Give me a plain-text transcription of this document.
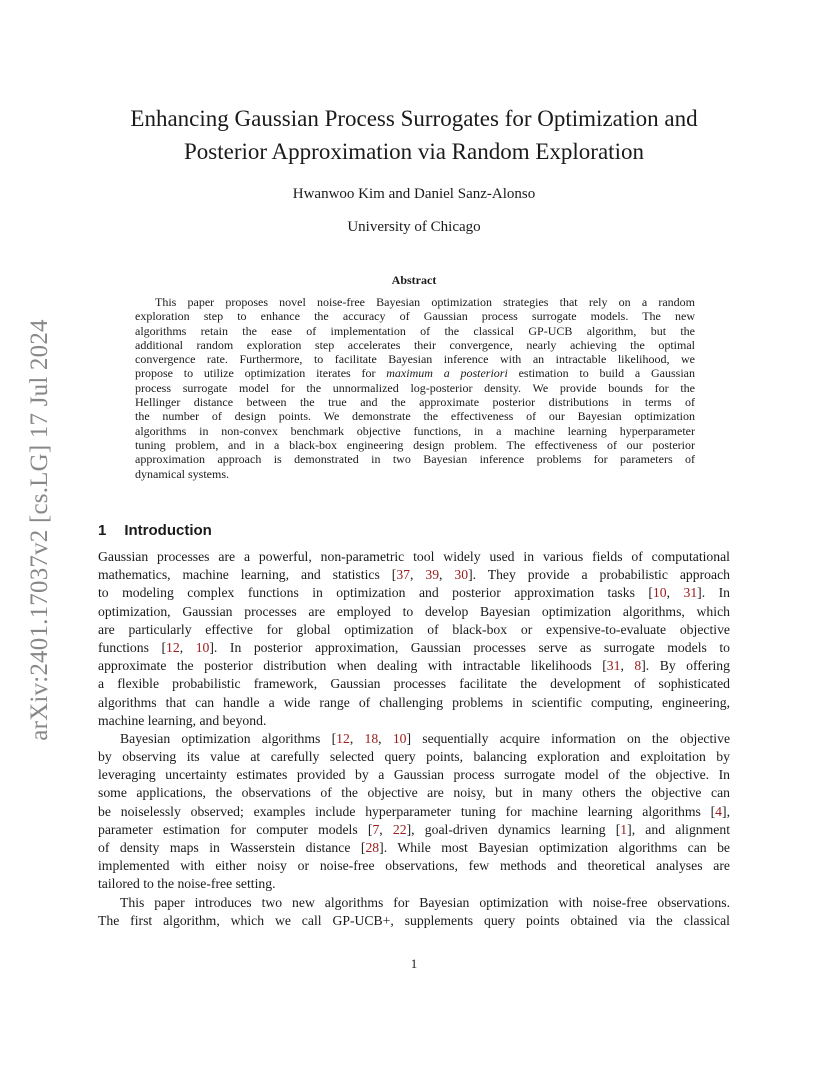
arXiv:2401.17037v2 [cs.LG] 17 Jul 2024
Enhancing Gaussian Process Surrogates for Optimization and
Posterior Approximation via Random Exploration
Hwanwoo Kim and Daniel Sanz-Alonso
University of Chicago
Abstract
This paper proposes novel noise-free Bayesian optimization strategies that rely on a random
exploration step to enhance the accuracy of Gaussian process surrogate models. The new
algorithms retain the ease of implementation of the classical GP-UCB algorithm, but the
additional random exploration step accelerates their convergence, nearly achieving the optimal
convergence rate. Furthermore, to facilitate Bayesian inference with an intractable likelihood, we
propose to utilize optimization iterates for maximum a posteriori estimation to build a Gaussian
process surrogate model for the unnormalized log-posterior density. We provide bounds for the
Hellinger distance between the true and the approximate posterior distributions in terms of
the number of design points. We demonstrate the effectiveness of our Bayesian optimization
algorithms in non-convex benchmark objective functions, in a machine learning hyperparameter
tuning problem, and in a black-box engineering design problem. The effectiveness of our posterior
approximation approach is demonstrated in two Bayesian inference problems for parameters of
dynamical systems.
1 Introduction
Gaussian processes are a powerful, non-parametric tool widely used in various fields of computational
mathematics, machine learning, and statistics [37, 39, 30]. They provide a probabilistic approach
to modeling complex functions in optimization and posterior approximation tasks [10, 31]. In
optimization, Gaussian processes are employed to develop Bayesian optimization algorithms, which
are particularly effective for global optimization of black-box or expensive-to-evaluate objective
functions [12, 10]. In posterior approximation, Gaussian processes serve as surrogate models to
approximate the posterior distribution when dealing with intractable likelihoods [31, 8]. By offering
a flexible probabilistic framework, Gaussian processes facilitate the development of sophisticated
algorithms that can handle a wide range of challenging problems in scientific computing, engineering,
machine learning, and beyond.
Bayesian optimization algorithms [12, 18, 10] sequentially acquire information on the objective
by observing its value at carefully selected query points, balancing exploration and exploitation by
leveraging uncertainty estimates provided by a Gaussian process surrogate model of the objective. In
some applications, the observations of the objective are noisy, but in many others the objective can
be noiselessly observed; examples include hyperparameter tuning for machine learning algorithms [4],
parameter estimation for computer models [7, 22], goal-driven dynamics learning [1], and alignment
of density maps in Wasserstein distance [28]. While most Bayesian optimization algorithms can be
implemented with either noisy or noise-free observations, few methods and theoretical analyses are
tailored to the noise-free setting.
This paper introduces two new algorithms for Bayesian optimization with noise-free observations.
The first algorithm, which we call GP-UCB+, supplements query points obtained via the classical
1
